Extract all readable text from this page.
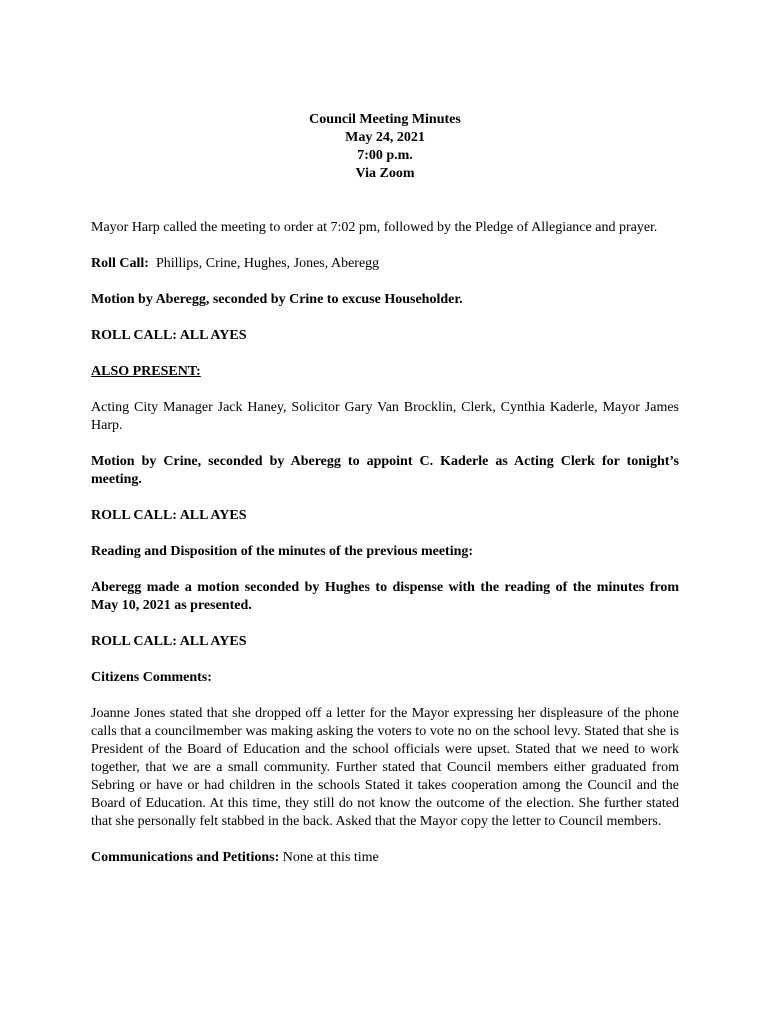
Council Meeting Minutes
May 24, 2021
7:00 p.m.
Via Zoom

Mayor Harp called the meeting to order at 7:02 pm, followed by the Pledge of Allegiance and prayer.

Roll Call: Phillips, Crine, Hughes, Jones, Aberegg

Motion by Aberegg, seconded by Crine to excuse Householder.

ROLL CALL: ALL AYES

ALSO PRESENT:

Acting City Manager Jack Haney, Solicitor Gary Van Brocklin, Clerk, Cynthia Kaderle, Mayor James Harp.

Motion by Crine, seconded by Aberegg to appoint C. Kaderle as Acting Clerk for tonight’s meeting.

ROLL CALL: ALL AYES

Reading and Disposition of the minutes of the previous meeting:

Aberegg made a motion seconded by Hughes to dispense with the reading of the minutes from May 10, 2021 as presented.

ROLL CALL: ALL AYES

Citizens Comments:

Joanne Jones stated that she dropped off a letter for the Mayor expressing her displeasure of the phone calls that a councilmember was making asking the voters to vote no on the school levy. Stated that she is President of the Board of Education and the school officials were upset. Stated that we need to work together, that we are a small community. Further stated that Council members either graduated from Sebring or have or had children in the schools Stated it takes cooperation among the Council and the Board of Education. At this time, they still do not know the outcome of the election. She further stated that she personally felt stabbed in the back. Asked that the Mayor copy the letter to Council members.

Communications and Petitions: None at this time
